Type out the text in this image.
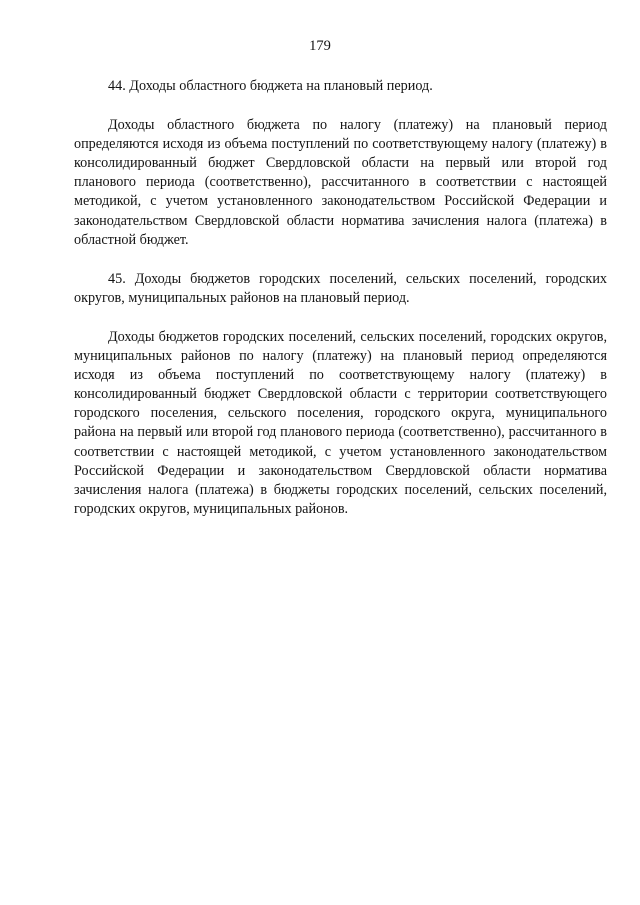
179

44. Доходы областного бюджета на плановый период.

Доходы областного бюджета по налогу (платежу) на плановый период определяются исходя из объема поступлений по соответствующему налогу (платежу) в консолидированный бюджет Свердловской области на первый или второй год планового периода (соответственно), рассчитанного в соответствии с настоящей методикой, с учетом установленного законодательством Российской Федерации и законодательством Свердловской области норматива зачисления налога (платежа) в областной бюджет.

45. Доходы бюджетов городских поселений, сельских поселений, городских округов, муниципальных районов на плановый период.

Доходы бюджетов городских поселений, сельских поселений, городских округов, муниципальных районов по налогу (платежу) на плановый период определяются исходя из объема поступлений по соответствующему налогу (платежу) в консолидированный бюджет Свердловской области с территории соответствующего городского поселения, сельского поселения, городского округа, муниципального района на первый или второй год планового периода (соответственно), рассчитанного в соответствии с настоящей методикой, с учетом установленного законодательством Российской Федерации и законодательством Свердловской области норматива зачисления налога (платежа) в бюджеты городских поселений, сельских поселений, городских округов, муниципальных районов.
